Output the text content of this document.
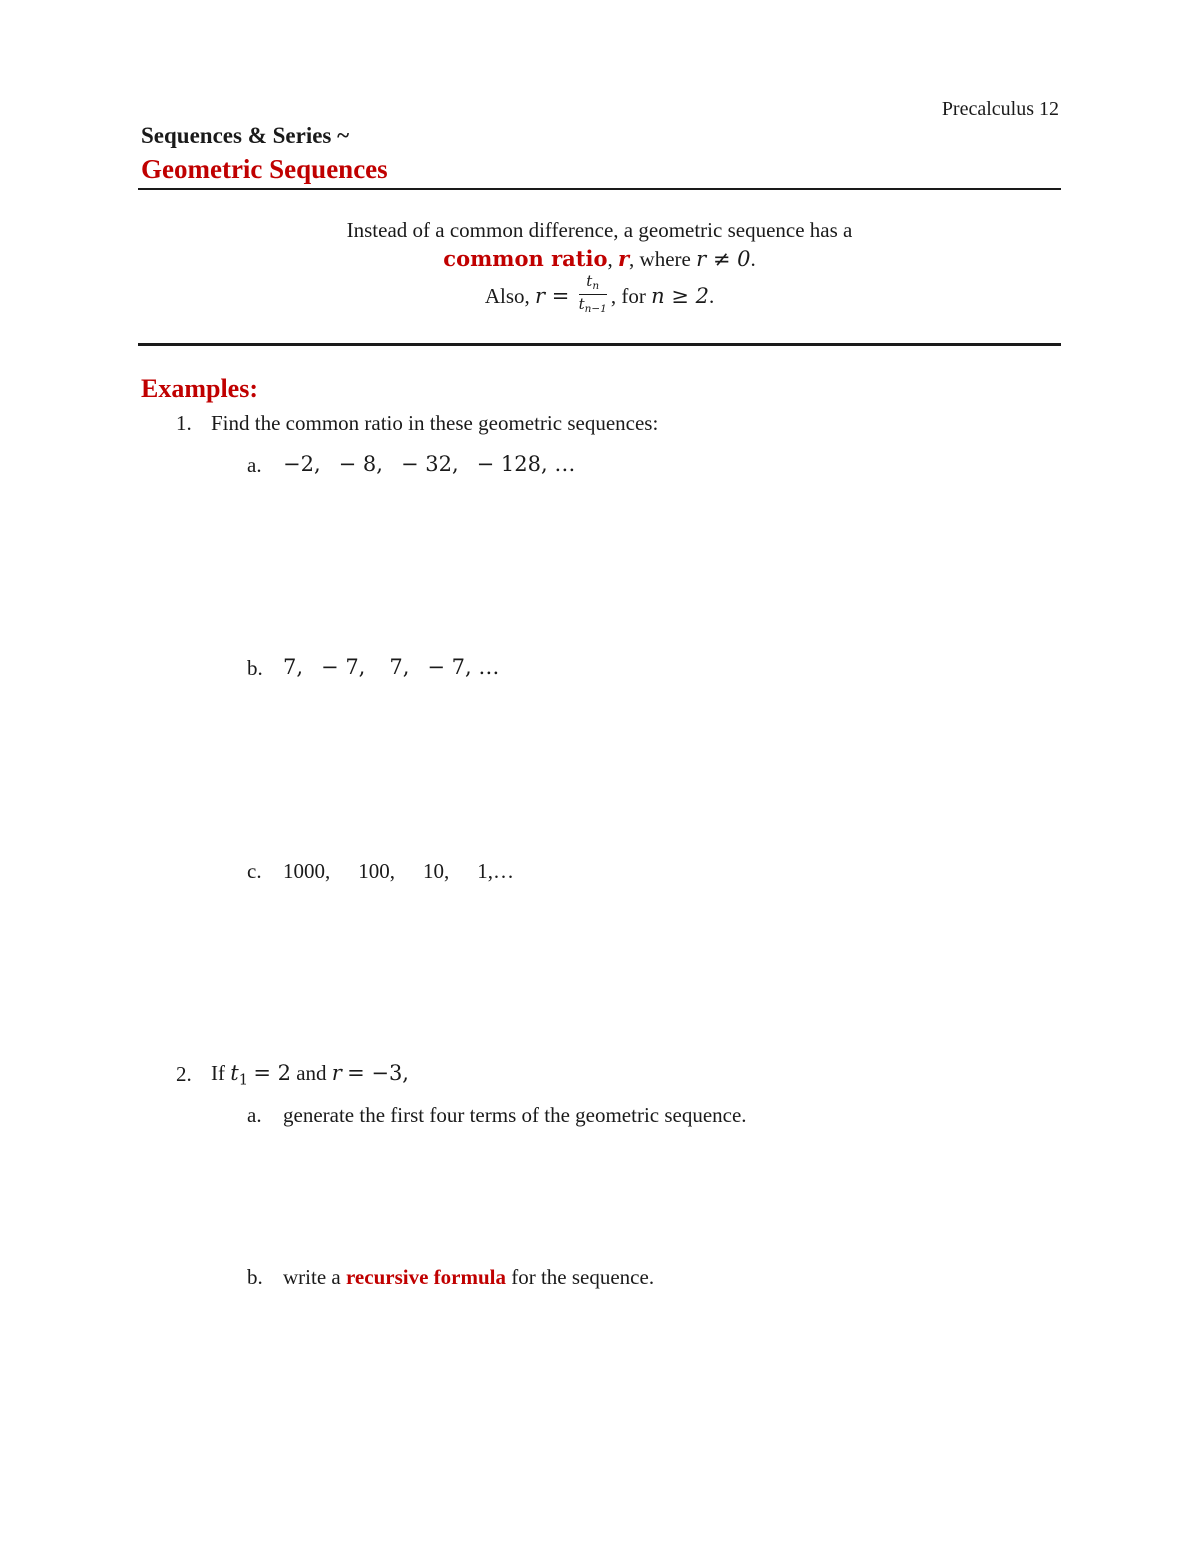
Precalculus 12
Sequences & Series ~
Geometric Sequences
Instead of a common difference, a geometric sequence has a
common ratio, r, where r ≠ 0.
Also, $r = \frac{t_n}{t_{n-1}}$ , for n ≥ 2.
Examples:
1. Find the common ratio in these geometric sequences:
a. −2, − 8, − 32, − 128, …
b. 7, − 7, 7, − 7, …
c. 1000, 100, 10, 1,…
2. If $t_1 = 2$ and r = −3,
a. generate the first four terms of the geometric sequence.
b. write a recursive formula for the sequence.
